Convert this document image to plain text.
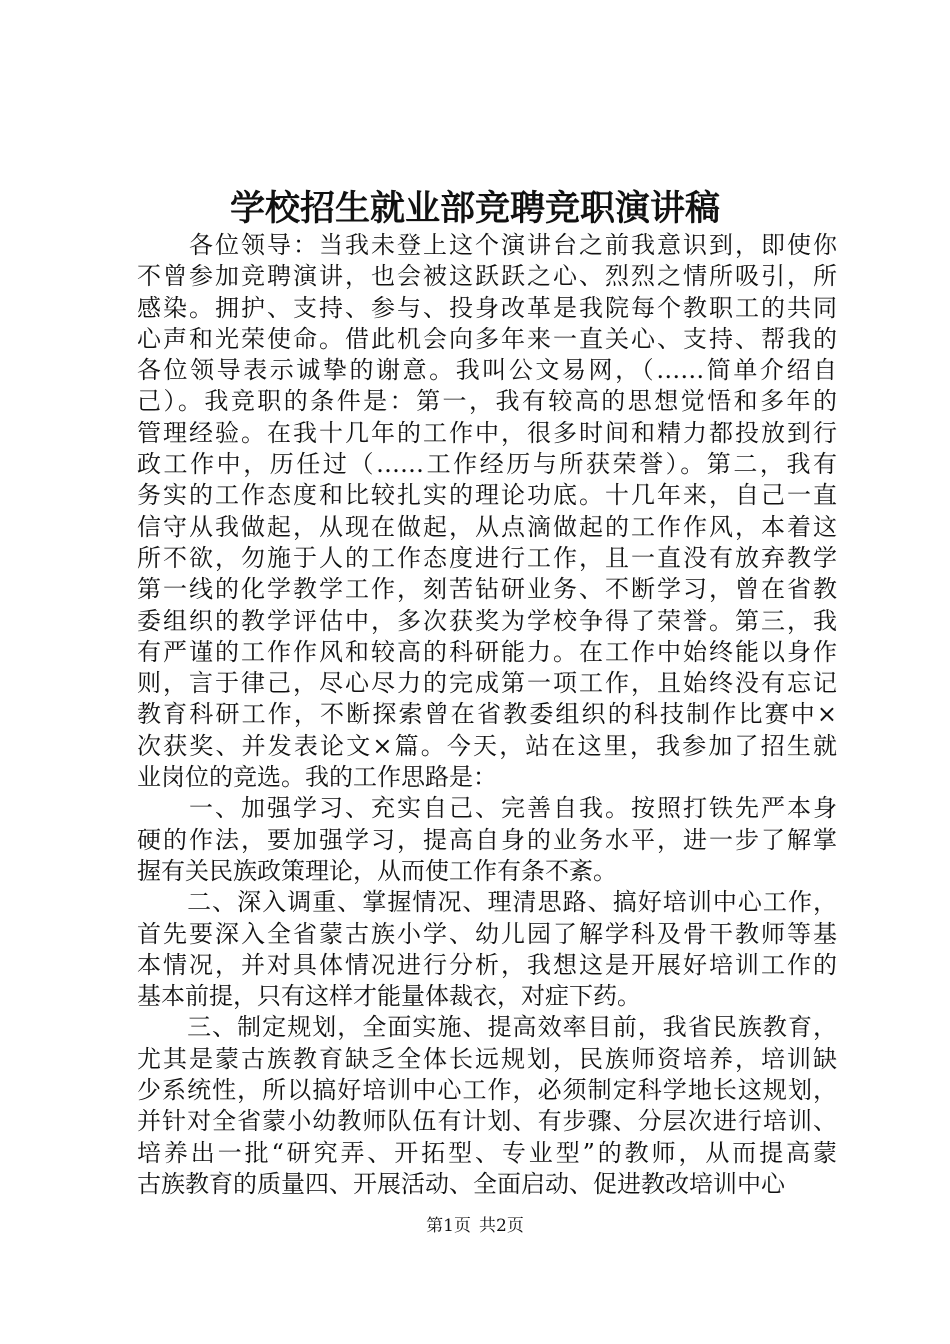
学校招生就业部竞聘竞职演讲稿
　　各位领导：当我未登上这个演讲台之前我意识到，即使你
不曾参加竞聘演讲，也会被这跃跃之心、烈烈之情所吸引，所
感染。拥护、支持、参与、投身改革是我院每个教职工的共同
心声和光荣使命。借此机会向多年来一直关心、支持、帮我的
各位领导表示诚挚的谢意。我叫公文易网，（……简单介绍自
己）。我竞职的条件是：第一，我有较高的思想觉悟和多年的
管理经验。在我十几年的工作中，很多时间和精力都投放到行
政工作中，历任过（……工作经历与所获荣誉）。第二，我有
务实的工作态度和比较扎实的理论功底。十几年来，自己一直
信守从我做起，从现在做起，从点滴做起的工作作风，本着这
所不欲，勿施于人的工作态度进行工作，且一直没有放弃教学
第一线的化学教学工作，刻苦钻研业务、不断学习，曾在省教
委组织的教学评估中，多次获奖为学校争得了荣誉。第三，我
有严谨的工作作风和较高的科研能力。在工作中始终能以身作
则，言于律己，尽心尽力的完成第一项工作，且始终没有忘记
教育科研工作，不断探索曾在省教委组织的科技制作比赛中×
次获奖、并发表论文×篇。今天，站在这里，我参加了招生就
业岗位的竞选。我的工作思路是：
　　一、加强学习、充实自己、完善自我。按照打铁先严本身
硬的作法，要加强学习，提高自身的业务水平，进一步了解掌
握有关民族政策理论，从而使工作有条不紊。
　　二、深入调重、掌握情况、理清思路、搞好培训中心工作，
首先要深入全省蒙古族小学、幼儿园了解学科及骨干教师等基
本情况，并对具体情况进行分析，我想这是开展好培训工作的
基本前提，只有这样才能量体裁衣，对症下药。
　　三、制定规划，全面实施、提高效率目前，我省民族教育，
尤其是蒙古族教育缺乏全体长远规划，民族师资培养，培训缺
少系统性，所以搞好培训中心工作，必须制定科学地长这规划，
并针对全省蒙小幼教师队伍有计划、有步骤、分层次进行培训、
培养出一批“研究弄、开拓型、专业型”的教师，从而提高蒙
古族教育的质量四、开展活动、全面启动、促进教改培训中心
第1页 共2页
